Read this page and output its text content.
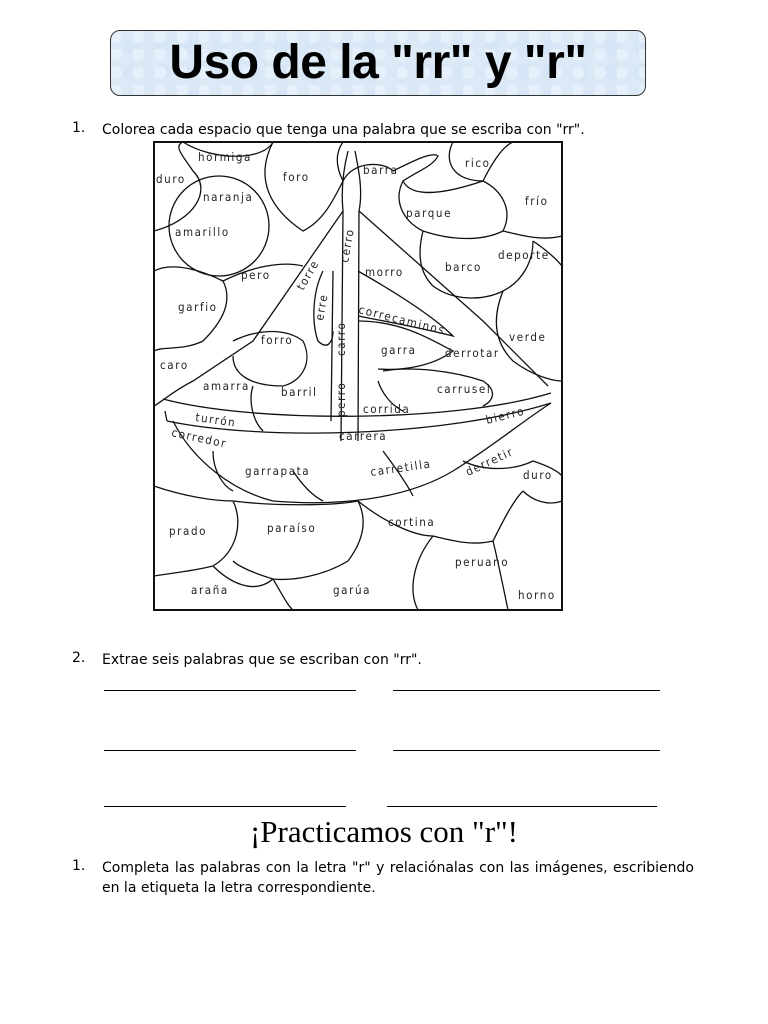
Uso de la "rr" y "r"
1. Colorea cada espacio que tenga una palabra que se escriba con "rr".
hormiga
duro
naranja
amarillo
foro	barra	rico
frío
parque
deporte
cerro
torre	morro	barco
pero
garfio	erre
carro
correcaminos
forro
garra derrotar
verde
caro
amarra	barril	carrusel
perro corrida	bierro
turrón
corredor	carrera
garrapata	carretilla	derretir duro
prado	paraíso	cortina
peruano
araña	garúa	horno
2. Extrae seis palabras que se escriban con "rr".
¡Practicamos con "r"!
1. Completa las palabras con la letra "r" y relaciónalas con las imágenes, escribiendo en la etiqueta la letra correspondiente.
